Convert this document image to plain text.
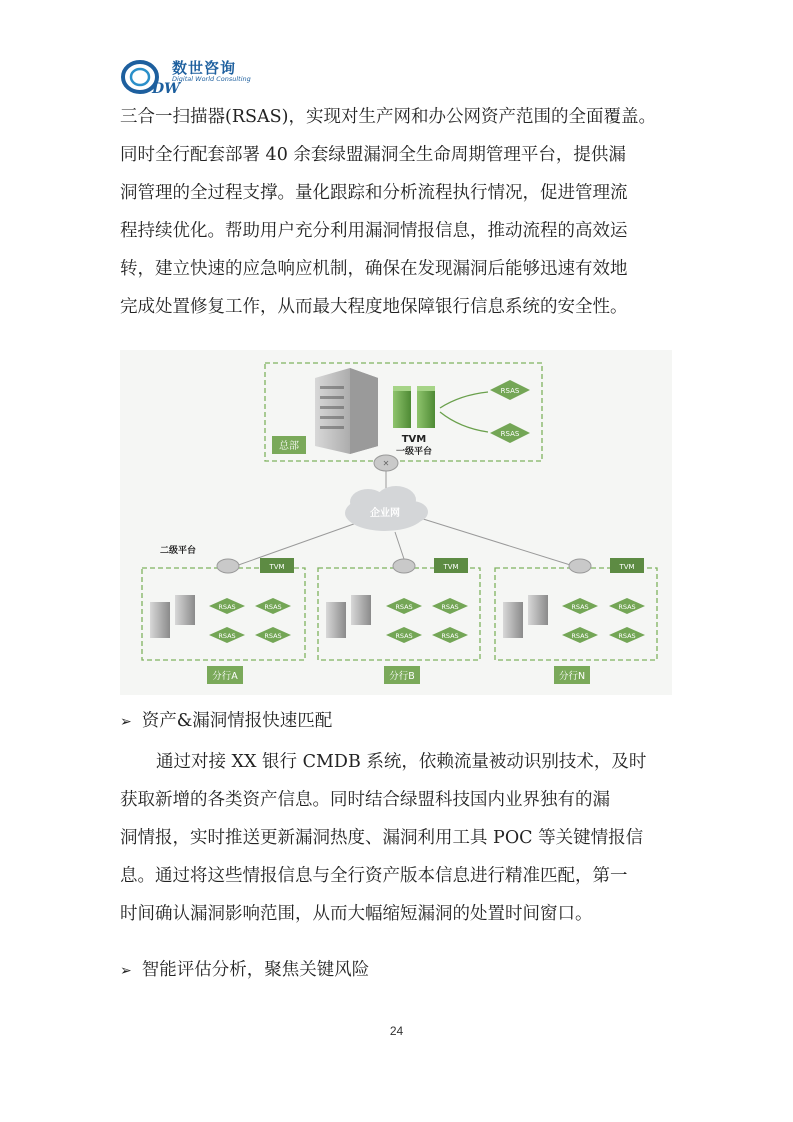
DW
数世咨询
Digital World Consulting
三合一扫描器(RSAS)，实现对生产网和办公网资产范围的全面覆盖。
同时全行配套部署 40 余套绿盟漏洞全生命周期管理平台，提供漏
洞管理的全过程支撑。量化跟踪和分析流程执行情况，促进管理流
程持续优化。帮助用户充分利用漏洞情报信息，推动流程的高效运
转，建立快速的应急响应机制，确保在发现漏洞后能够迅速有效地
完成处置修复工作，从而最大程度地保障银行信息系统的安全性。
总部
TVM
一级平台
RSAS
RSAS
✕
企业网
二级平台
TVM
RSAS	RSAS
RSAS	RSAS
分行A
TVM
RSAS	RSAS
RSAS	RSAS
分行B
TVM
RSAS	RSAS
RSAS	RSAS
分行N
➢ 资产&漏洞情报快速匹配
通过对接 XX 银行 CMDB 系统，依赖流量被动识别技术，及时
获取新增的各类资产信息。同时结合绿盟科技国内业界独有的漏
洞情报，实时推送更新漏洞热度、漏洞利用工具 POC 等关键情报信
息。通过将这些情报信息与全行资产版本信息进行精准匹配，第一
时间确认漏洞影响范围，从而大幅缩短漏洞的处置时间窗口。
➢ 智能评估分析，聚焦关键风险
24
